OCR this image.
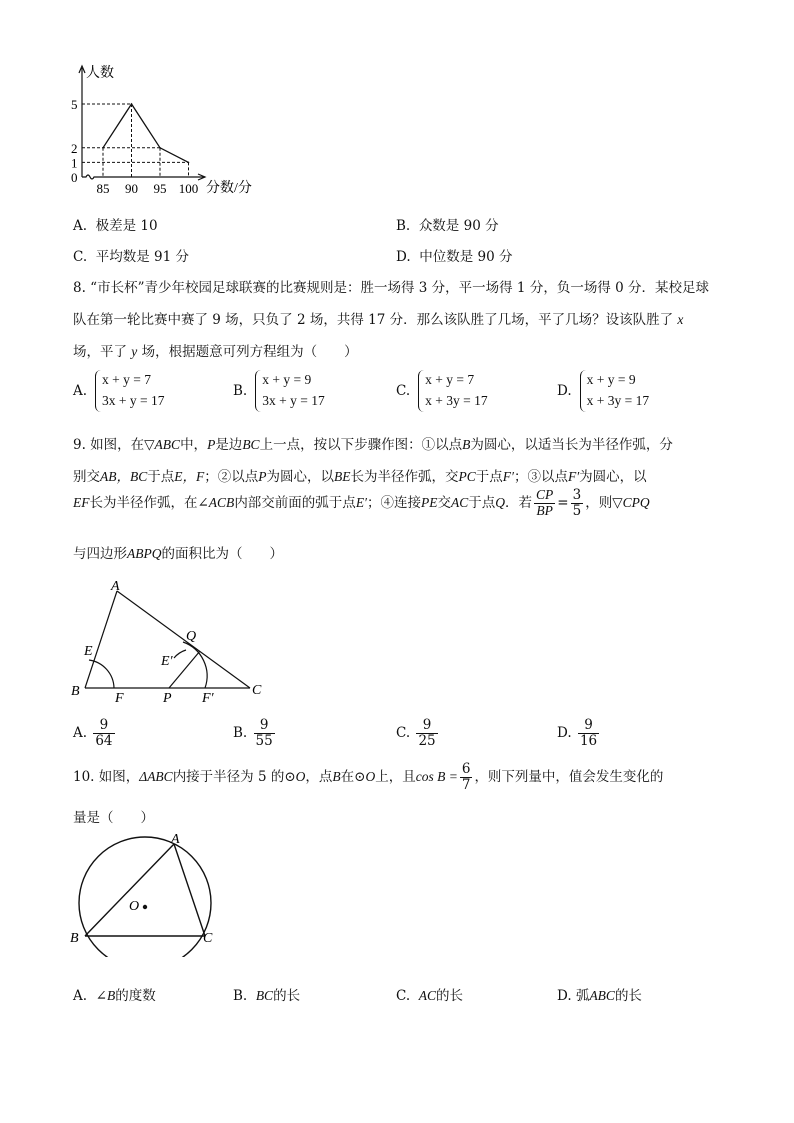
人数
分数/分
0
1
2
5
85 90 95 100
A. 极差是 10	B. 众数是 90 分
C. 平均数是 91 分	D. 中位数是 90 分
8. “市长杯”青少年校园足球联赛的比赛规则是：胜一场得 3 分，平一场得 1 分，负一场得 0 分．某校足球
队在第一轮比赛中赛了 9 场，只负了 2 场，共得 17 分．那么该队胜了几场，平了几场？设该队胜了 x
场，平了 y 场，根据题意可列方程组为（　　）
A.x + y = 7
3x + y = 17
B.x + y = 9
3x + y = 17
C.x + y = 7
x + 3y = 17
D.x + y = 9
x + 3y = 17
9. 如图，在▽ABC中，P是边BC上一点，按以下步骤作图：①以点B为圆心，以适当长为半径作弧，分
别交AB，BC于点E，F；②以点P为圆心，以BE长为半径作弧，交PC于点F′；③以点F′为圆心，以
EF长为半径作弧，在∠ACB内部交前面的弧于点E′；④连接PE交AC于点Q．若 $\frac{CP}{BP} = \frac{3}{5}$ ，则▽CPQ
与四边形ABPQ的面积比为（　　）
A
B	C
E
F	P
Q
E′
F′
A. $\frac{9}{64}$	B. $\frac{9}{55}$	C. $\frac{9}{25}$	D. $\frac{9}{16}$
10. 如图，ΔABC内接于半径为 5 的⊙O，点B在⊙O上，且$\cos B = \frac{6}{7}$ ，则下列量中，值会发生变化的
量是（　　）
A
B	C
O
A. ∠B的度数	B. BC的长	C. AC的长	D. 弧ABC的长
